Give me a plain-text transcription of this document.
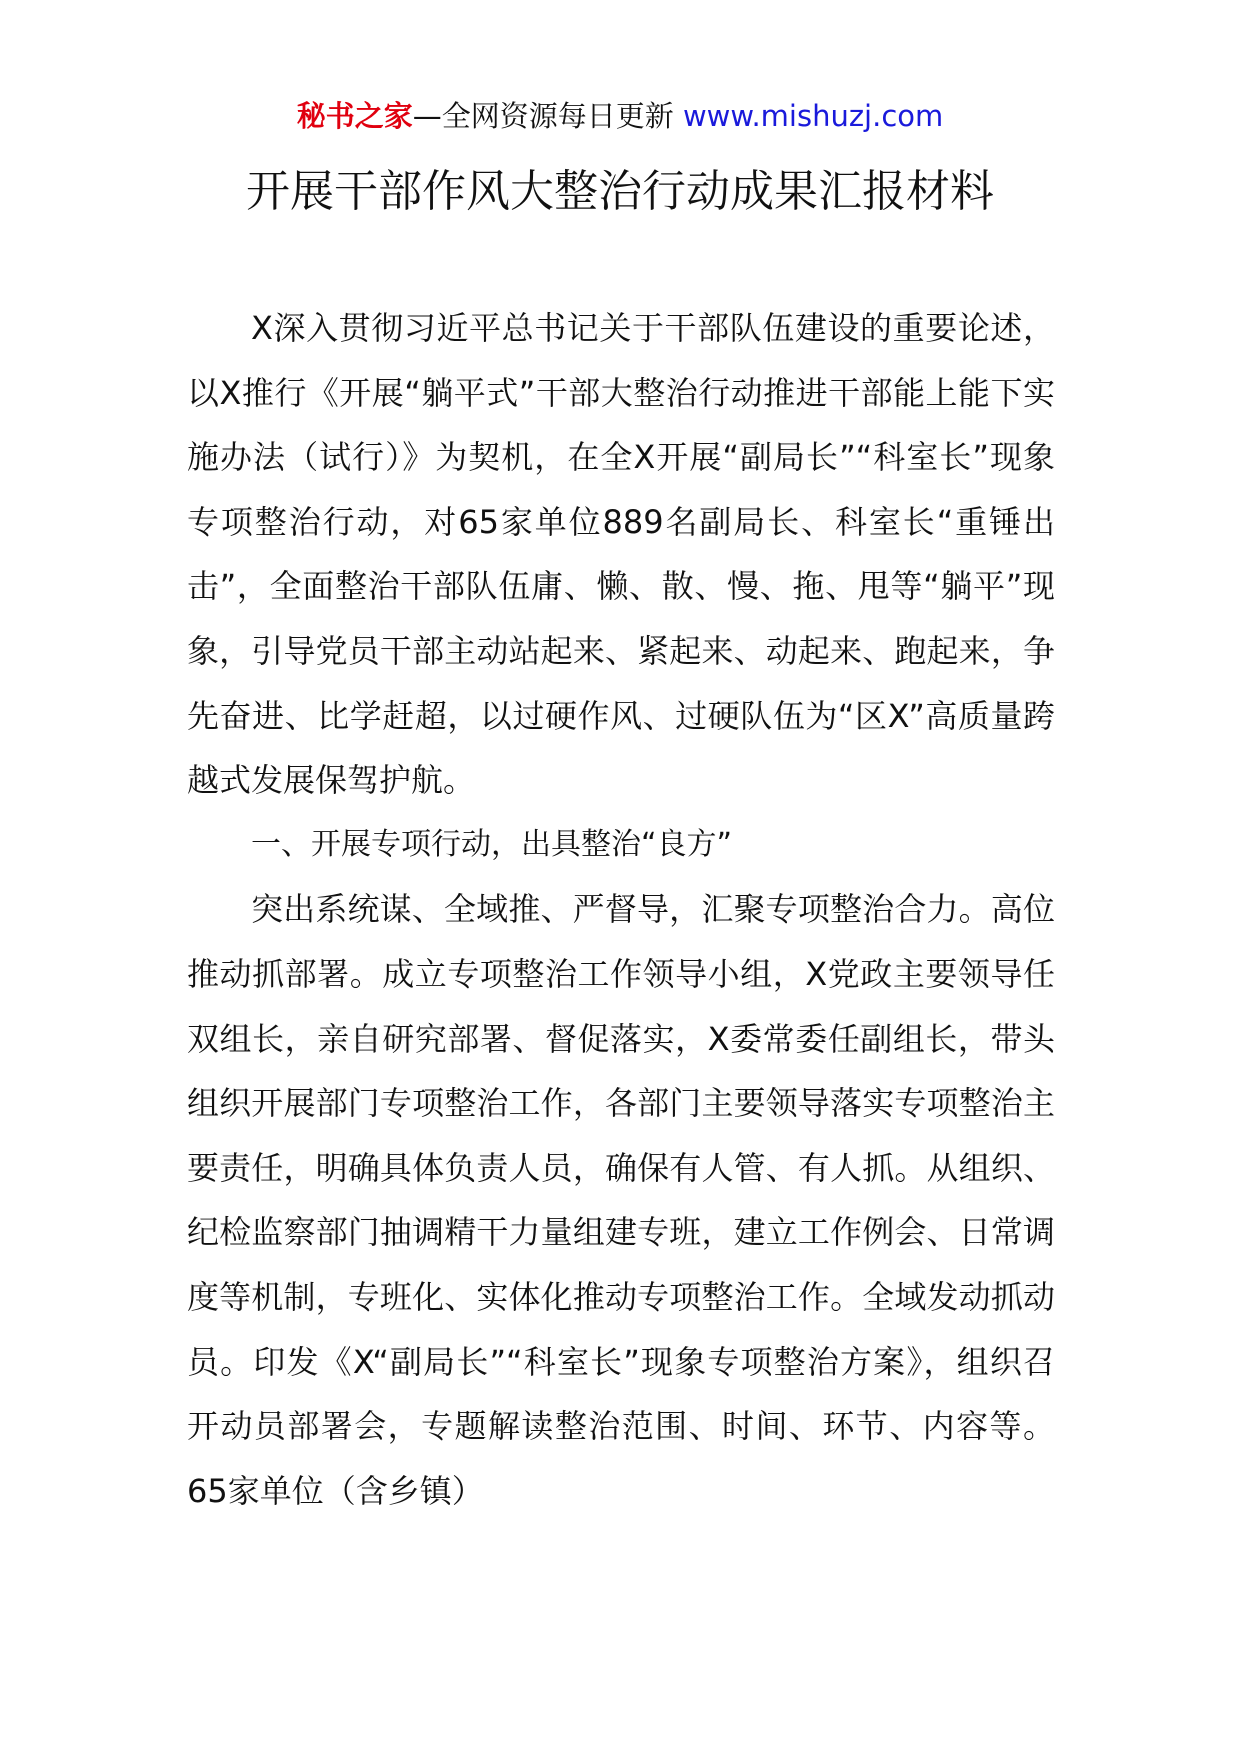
秘书之家—全网资源每日更新 www.mishuzj.com
开展干部作风大整治行动成果汇报材料

X深入贯彻习近平总书记关于干部队伍建设的重要论述，以X推行《开展“躺平式”干部大整治行动推进干部能上能下实施办法（试行）》为契机，在全X开展“副局长”“科室长”现象专项整治行动，对65家单位889名副局长、科室长“重锤出击”，全面整治干部队伍庸、懒、散、慢、拖、甩等“躺平”现象，引导党员干部主动站起来、紧起来、动起来、跑起来，争先奋进、比学赶超，以过硬作风、过硬队伍为“区X”高质量跨越式发展保驾护航。

一、开展专项行动，出具整治“良方”

突出系统谋、全域推、严督导，汇聚专项整治合力。高位推动抓部署。成立专项整治工作领导小组，X党政主要领导任双组长，亲自研究部署、督促落实，X委常委任副组长，带头组织开展部门专项整治工作，各部门主要领导落实专项整治主要责任，明确具体负责人员，确保有人管、有人抓。从组织、纪检监察部门抽调精干力量组建专班，建立工作例会、日常调度等机制，专班化、实体化推动专项整治工作。全域发动抓动员。印发《X“副局长”“科室长”现象专项整治方案》，组织召开动员部署会，专题解读整治范围、时间、环节、内容等。65家单位（含乡镇）
